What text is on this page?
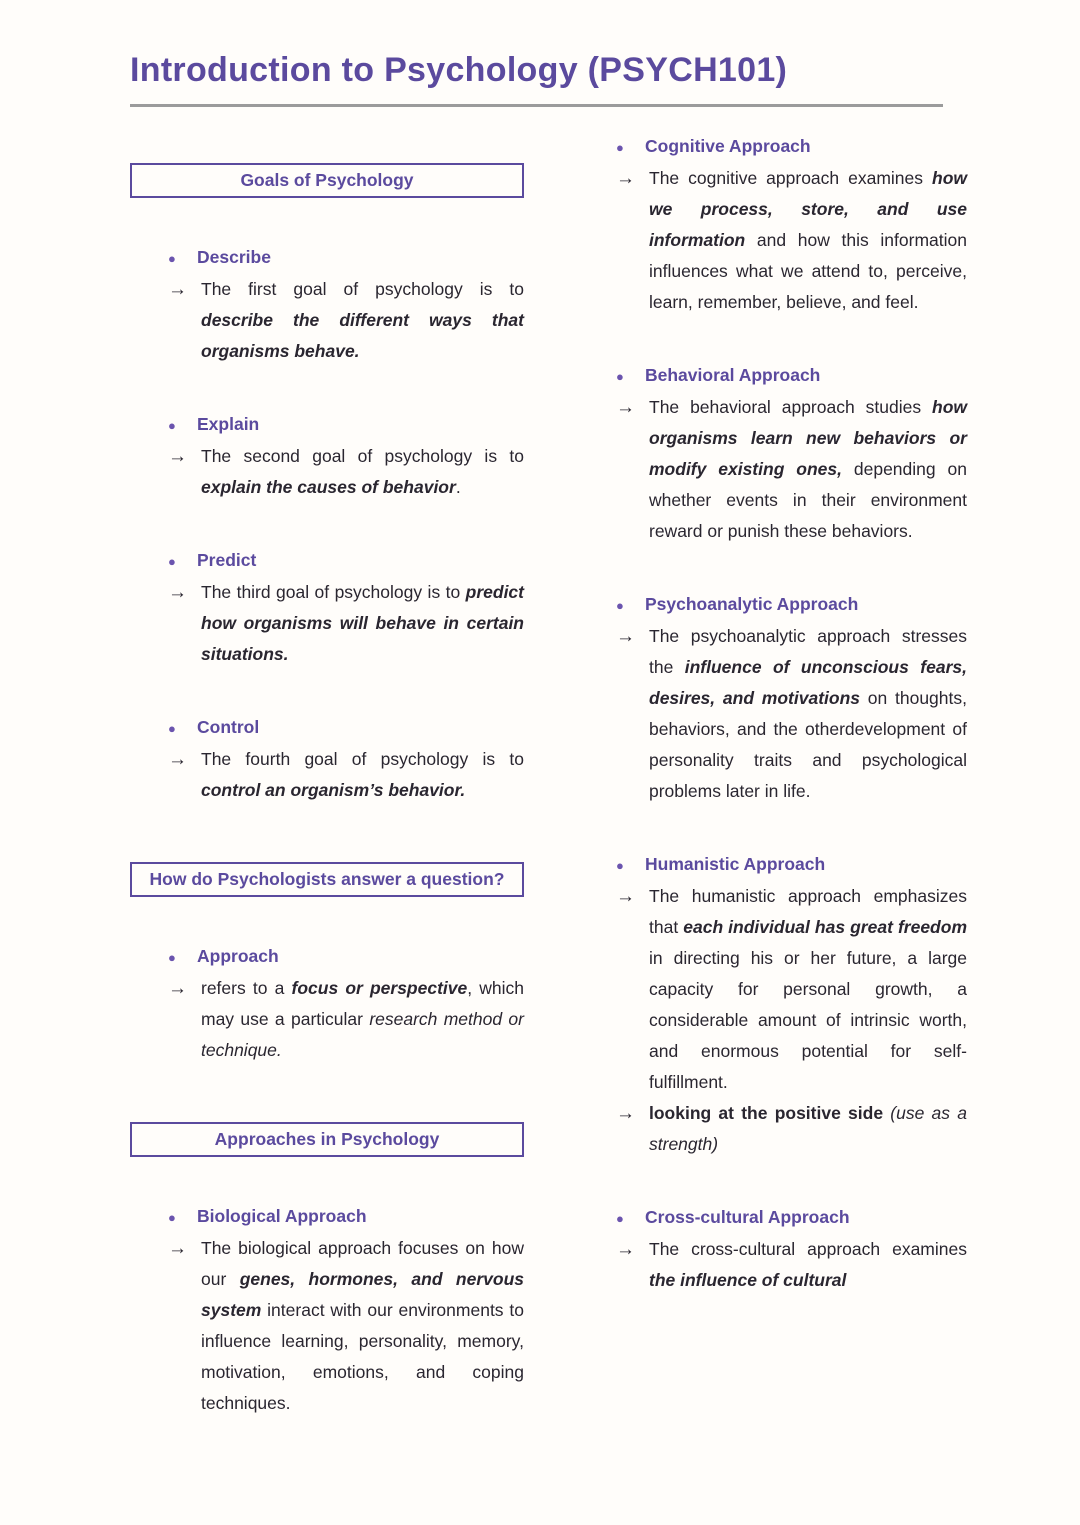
Introduction to Psychology (PSYCH101)
Goals of Psychology
●	Describe
→ The first goal of psychology is to describe the different ways that organisms behave.
●	Explain
→ The second goal of psychology is to explain the causes of behavior.
●	Predict
→ The third goal of psychology is to predict how organisms will behave in certain situations.
●	Control
→ The fourth goal of psychology is to control an organism’s behavior.
How do Psychologists answer a question?
●	Approach
→ refers to a focus or perspective, which may use a particular research method or technique.
Approaches in Psychology
●	Biological Approach
→ The biological approach focuses on how our genes, hormones, and nervous system interact with our environments to influence learning, personality, memory, motivation, emotions, and coping techniques.
●	Cognitive Approach
→ The cognitive approach examines how we process, store, and use information and how this information influences what we attend to, perceive, learn, remember, believe, and feel.
●	Behavioral Approach
→ The behavioral approach studies how organisms learn new behaviors or modify existing ones, depending on whether events in their environment reward or punish these behaviors.
●	Psychoanalytic Approach
→ The psychoanalytic approach stresses the influence of unconscious fears, desires, and motivations on thoughts, behaviors, and the otherdevelopment of personality traits and psychological problems later in life.
●	Humanistic Approach
→ The humanistic approach emphasizes that each individual has great freedom in directing his or her future, a large capacity for personal growth, a considerable amount of intrinsic worth, and enormous potential for self-fulfillment.
→ looking at the positive side (use as a strength)
●	Cross-cultural Approach
→ The cross-cultural approach examines the influence of cultural
